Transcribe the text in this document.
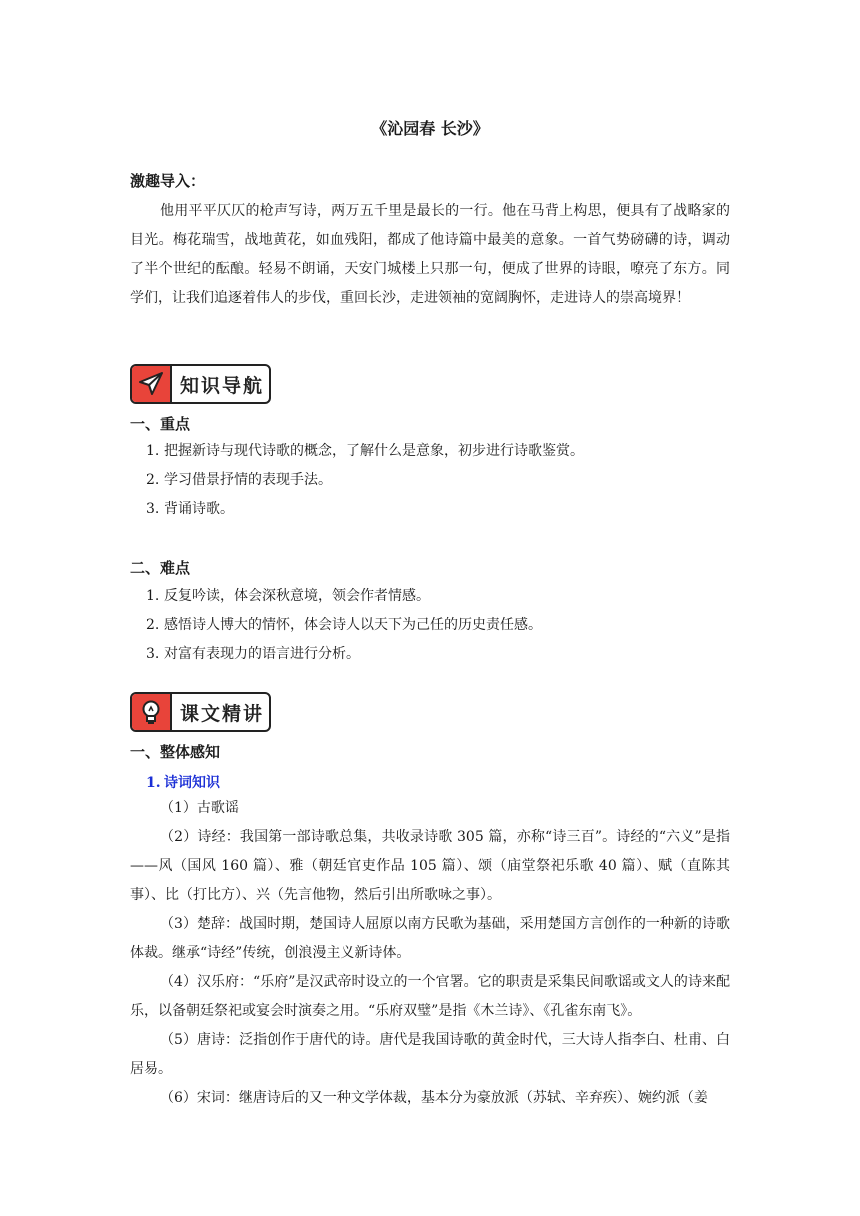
《沁园春 长沙》
激趣导入：

他用平平仄仄的枪声写诗，两万五千里是最长的一行。他在马背上构思，便具有了战略家的目光。梅花瑞雪，战地黄花，如血残阳，都成了他诗篇中最美的意象。一首气势磅礴的诗，调动了半个世纪的酝酿。轻易不朗诵，天安门城楼上只那一句，便成了世界的诗眼，嘹亮了东方。同学们，让我们追逐着伟人的步伐，重回长沙，走进领袖的宽阔胸怀，走进诗人的崇高境界！

知识导航
一、重点
1. 把握新诗与现代诗歌的概念，了解什么是意象，初步进行诗歌鉴赏。
2. 学习借景抒情的表现手法。
3. 背诵诗歌。
二、难点
1. 反复吟读，体会深秋意境，领会作者情感。
2. 感悟诗人博大的情怀，体会诗人以天下为己任的历史责任感。
3. 对富有表现力的语言进行分析。
课文精讲
一、整体感知
1. 诗词知识

（1）古歌谣

（2）诗经：我国第一部诗歌总集，共收录诗歌 305 篇，亦称“诗三百”。诗经的“六义”是指——风（国风 160 篇）、雅（朝廷官吏作品 105 篇）、颂（庙堂祭祀乐歌 40 篇）、赋（直陈其事）、比（打比方）、兴（先言他物，然后引出所歌咏之事）。

（3）楚辞：战国时期，楚国诗人屈原以南方民歌为基础，采用楚国方言创作的一种新的诗歌体裁。继承“诗经”传统，创浪漫主义新诗体。

（4）汉乐府：“乐府”是汉武帝时设立的一个官署。它的职责是采集民间歌谣或文人的诗来配乐，以备朝廷祭祀或宴会时演奏之用。“乐府双璧”是指《木兰诗》、《孔雀东南飞》。

（5）唐诗：泛指创作于唐代的诗。唐代是我国诗歌的黄金时代，三大诗人指李白、杜甫、白居易。

（6）宋词：继唐诗后的又一种文学体裁，基本分为豪放派（苏轼、辛弃疾）、婉约派（姜
